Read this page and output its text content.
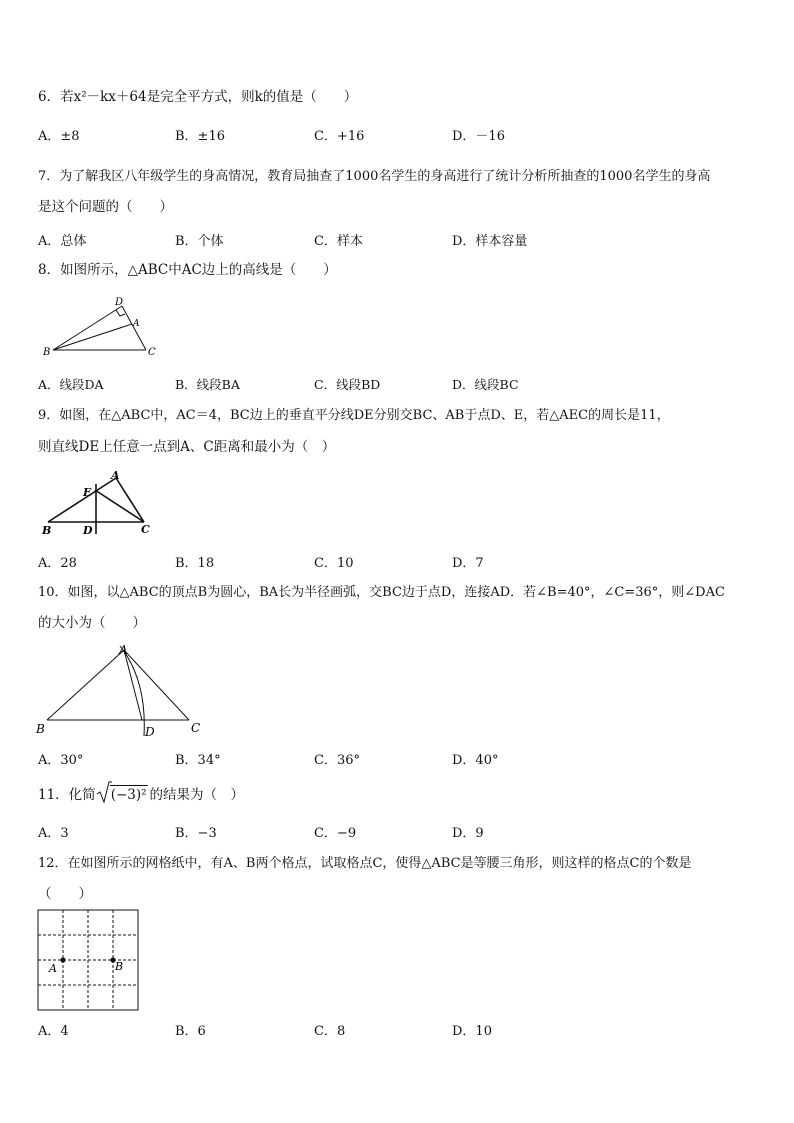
6．若x²－kx＋64是完全平方式，则k的值是（　　）
A．±8	B．±16	C．+16	D．－16
7．为了解我区八年级学生的身高情况，教育局抽查了1000名学生的身高进行了统计分析所抽查的1000名学生的身高
是这个问题的（　　）
A．总体	B．个体	C．样本	D．样本容量
8．如图所示，△ABC中AC边上的高线是（　　）
D
A
B	C
A．线段DA	B．线段BA	C．线段BD	D．线段BC
9．如图，在△ABC中，AC＝4，BC边上的垂直平分线DE分别交BC、AB于点D、E，若△AEC的周长是11，
则直线DE上任意一点到A、C距离和最小为（　）
A
E
B	D	C
A．28	B．18	C．10	D．7
10．如图，以△ABC的顶点B为圆心，BA长为半径画弧，交BC边于点D，连接AD．若∠B=40°，∠C=36°，则∠DAC
的大小为（　　）
A
B	D	C
A．30°	B．34°	C．36°	D．40°
11．化简 (−3)² 的结果为（　）
A．3	B．−3	C．−9	D．9
12．在如图所示的网格纸中，有A、B两个格点，试取格点C，使得△ABC是等腰三角形，则这样的格点C的个数是
（　　）
A	B
A．4	B．6	C．8	D．10
